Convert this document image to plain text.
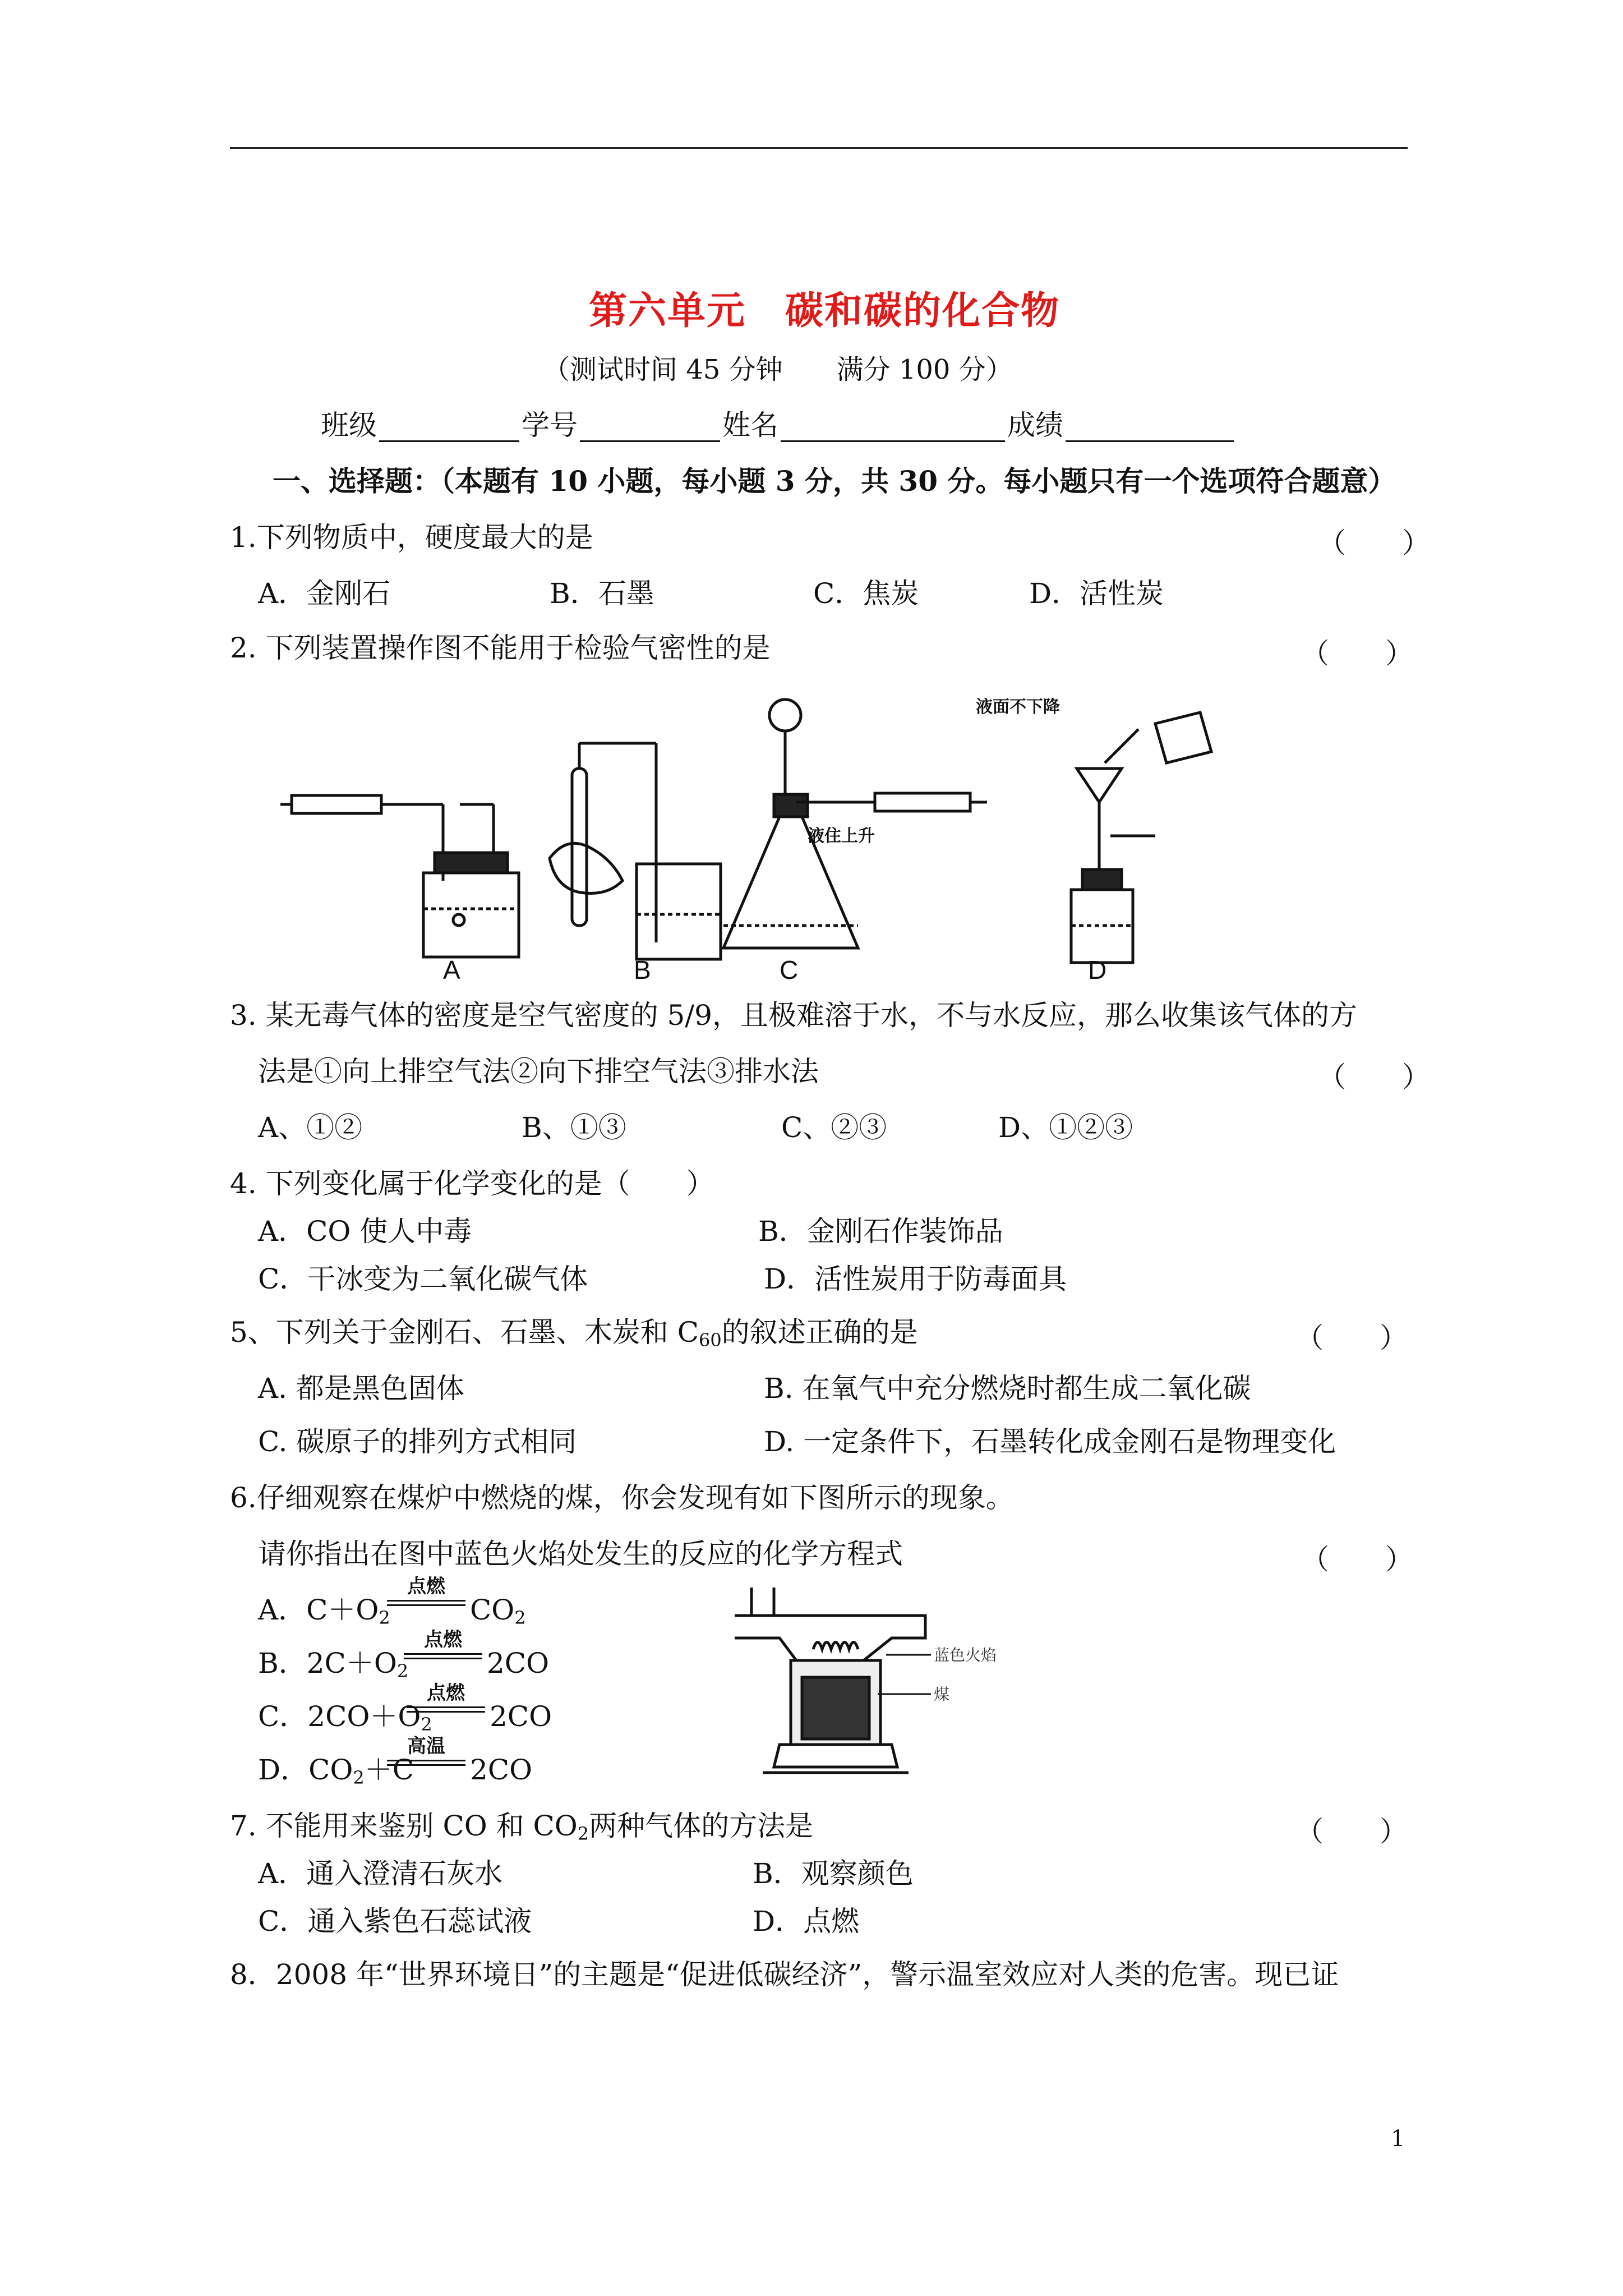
第六单元　碳和碳的化合物
（测试时间 45 分钟　　满分 100 分）
班级	学号	姓名	成绩
一、选择题：（本题有 10 小题，每小题 3 分，共 30 分。每小题只有一个选项符合题意）
1.下列物质中，硬度最大的是	（　　）
A．金刚石	B．石墨	C．焦炭	D．活性炭
2. 下列装置操作图不能用于检验气密性的是	（　　）
A	B	C	D
液住上升
液面不下降
3. 某无毒气体的密度是空气密度的 5/9，且极难溶于水，不与水反应，那么收集该气体的方
法是①向上排空气法②向下排空气法③排水法	（　　）
A、①②	B、①③	C、②③	D、①②③
4. 下列变化属于化学变化的是（　　）
A．CO 使人中毒	B．金刚石作装饰品
C．干冰变为二氧化碳气体	D．活性炭用于防毒面具
5、下列关于金刚石、石墨、木炭和 $C_{60}$的叙述正确的是	（　　）
A. 都是黑色固体	B. 在氧气中充分燃烧时都生成二氧化碳
C. 碳原子的排列方式相同	D. 一定条件下，石墨转化成金刚石是物理变化
6.仔细观察在煤炉中燃烧的煤，你会发现有如下图所示的现象。
请你指出在图中蓝色火焰处发生的反应的化学方程式	（　　）
A．$C+O_2$
点燃
$CO_2$
B．$2C+O_2$
点燃
2CO
C．$2CO+O_2$
点燃
2CO
D．$CO_2+C$
高温
2CO
蓝色火焰
煤
7. 不能用来鉴别 CO 和 $CO_2$两种气体的方法是	（　　）
A．通入澄清石灰水	B．观察颜色
C．通入紫色石蕊试液	D．点燃
8．2008 年“世界环境日”的主题是“促进低碳经济”，警示温室效应对人类的危害。现已证
1
